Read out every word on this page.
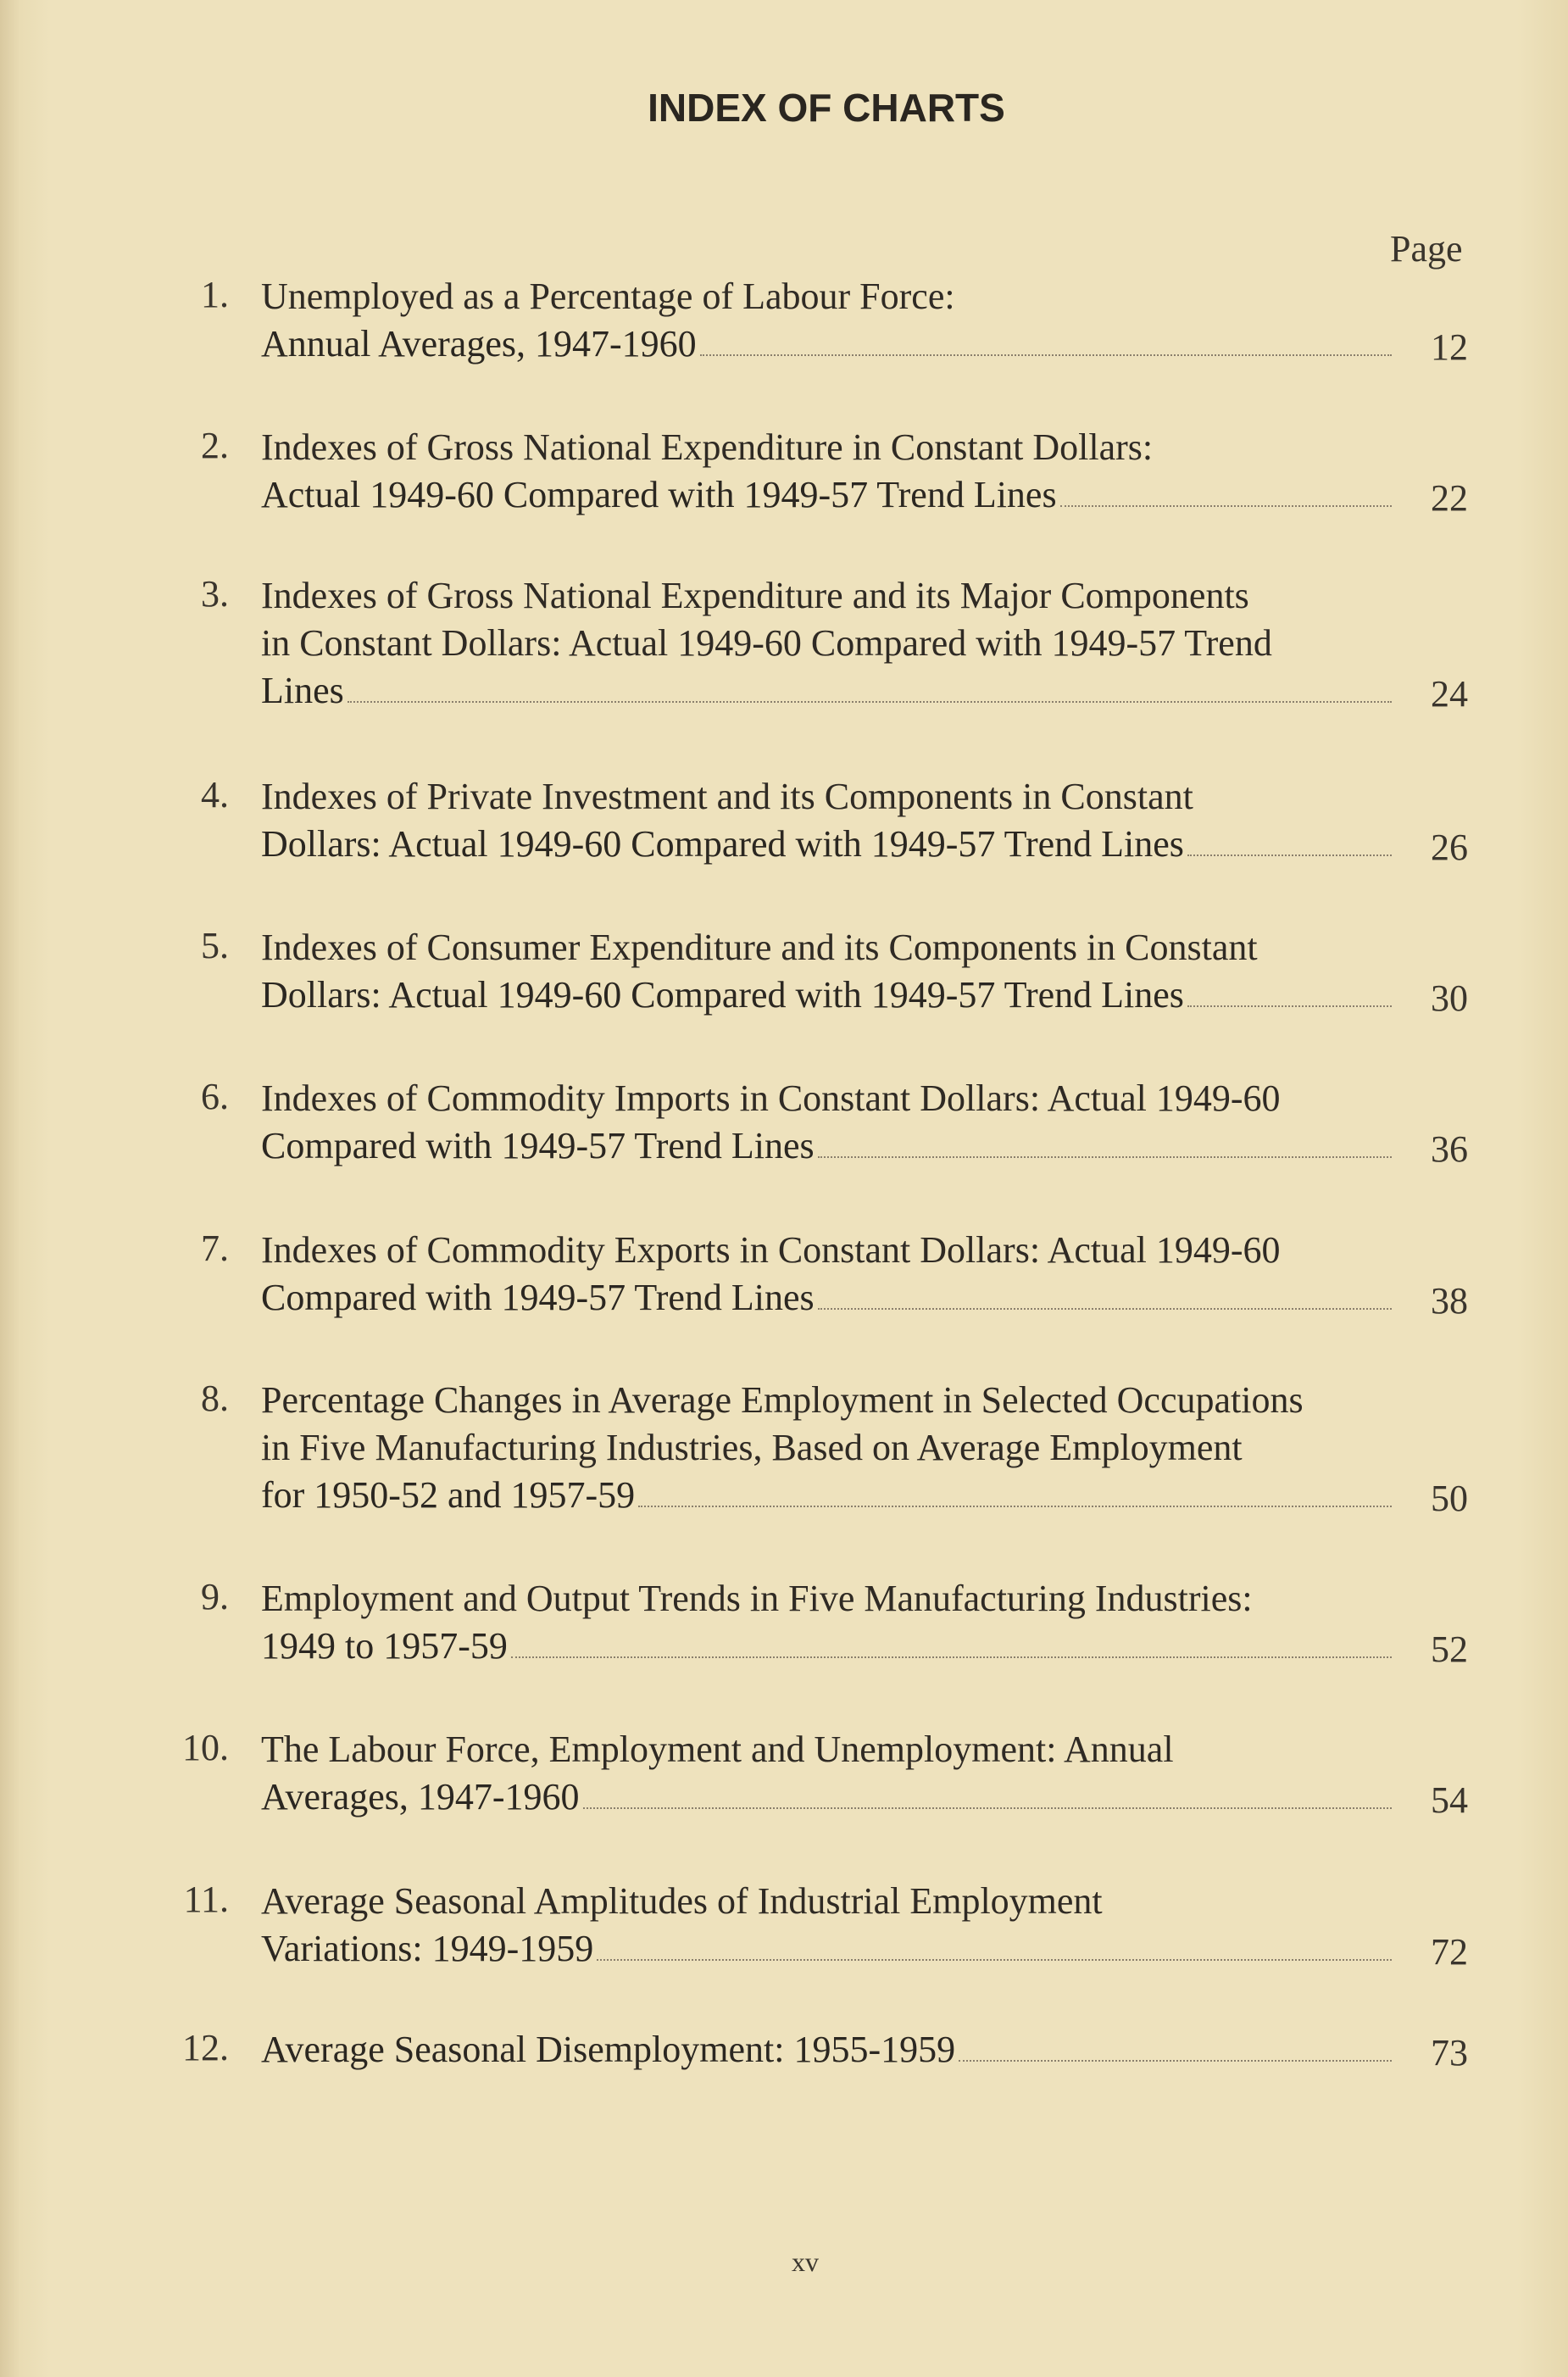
INDEX OF CHARTS
Page
1. Unemployed as a Percentage of Labour Force:
Annual Averages, 1947-1960	12
2. Indexes of Gross National Expenditure in Constant Dollars:
Actual 1949-60 Compared with 1949-57 Trend Lines	22
3. Indexes of Gross National Expenditure and its Major Components
in Constant Dollars: Actual 1949-60 Compared with 1949-57 Trend
Lines	24
4. Indexes of Private Investment and its Components in Constant
Dollars: Actual 1949-60 Compared with 1949-57 Trend Lines	26
5. Indexes of Consumer Expenditure and its Components in Constant
Dollars: Actual 1949-60 Compared with 1949-57 Trend Lines	30
6. Indexes of Commodity Imports in Constant Dollars: Actual 1949-60
Compared with 1949-57 Trend Lines	36
7. Indexes of Commodity Exports in Constant Dollars: Actual 1949-60
Compared with 1949-57 Trend Lines	38
8. Percentage Changes in Average Employment in Selected Occupations
in Five Manufacturing Industries, Based on Average Employment
for 1950-52 and 1957-59	50
9. Employment and Output Trends in Five Manufacturing Industries:
1949 to 1957-59	52
10. The Labour Force, Employment and Unemployment: Annual
Averages, 1947-1960	54
11. Average Seasonal Amplitudes of Industrial Employment
Variations: 1949-1959	72
12. Average Seasonal Disemployment: 1955-1959	73
xv
